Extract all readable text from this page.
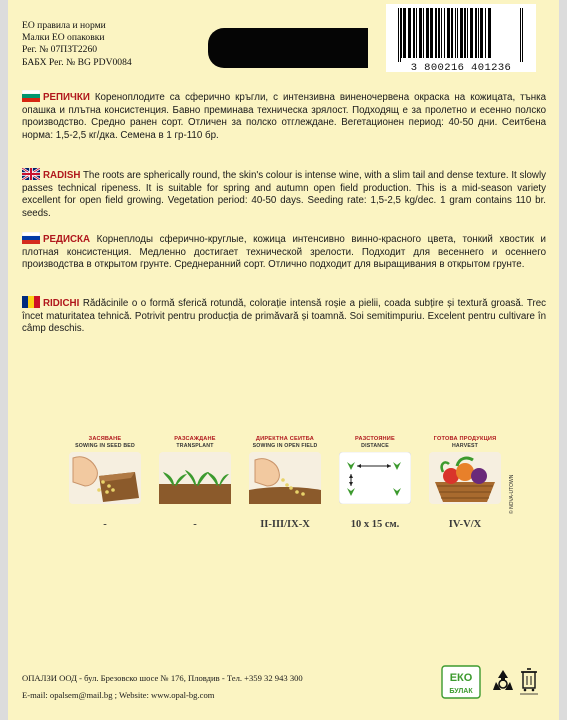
ЕО правила и норми
Малки ЕО опаковки
Рег. № 07ПЗТ2260
БАБХ Рег. № BG PDV0084	3 800216 401236
РЕПИЧКИ Кореноплодите са сферично кръгли, с интензивна виненочервена окраска на кожицата, тънка опашка и плътна консистенция. Бавно преминава техническа зрялост. Подходящ е за пролетно и есенно полско производство. Средно ранен сорт. Отличен за полско отглеждане. Вегетационен период: 40-50 дни. Сеитбена норма: 1,5-2,5 кг/дка. Семена в 1 гр-110 бр.
RADISH The roots are spherically round, the skin's colour is intense wine, with a slim tail and dense texture. It slowly passes technical ripeness. It is suitable for spring and autumn open field production. This is a mid-season variety excellent for open field growing. Vegetation period: 40-50 days. Seeding rate: 1,5-2,5 kg/dec. 1 gram contains 110 br. seeds.
РЕДИСКА Корнеплоды сферично-круглые, кожица интенсивно винно-красного цвета, тонкий хвостик и плотная консистенция. Медленно достигает технической зрелости. Подходит для весеннего и осеннего производства в открытом грунте. Среднеранний сорт. Отлично подходит для выращивания в открытом грунте.
RIDICHI Rădăcinile o o formă sferică rotundă, colorație intensă roșie a pielii, coada subțire și textură groasă. Trec încet maturitatea tehnică. Potrivit pentru producția de primăvară și toamnă. Soi semitimpuriu. Excelent pentru cultivare în câmp deschis.
ЗАСЯВАНЕ
SOWING IN SEED BED
-
РАЗСАЖДАНЕ
TRANSPLANT
-
ДИРЕКТНА СЕИТБА
SOWING IN OPEN FIELD
II-III/IX-X
РАЗСТОЯНИЕ
DISTANCE
10 x 15 см.
ГОТОВА ПРОДУКЦИЯ
HARVEST
IV-V/X
© NOVA-UTOWN
ОПАЛЗИ ООД - бул. Брезовско шосе № 176, Пловдив - Тел. +359 32 943 300
E-mail: opalsem@mail.bg ; Website: www.opal-bg.com
ЕКО
БУЛАК
